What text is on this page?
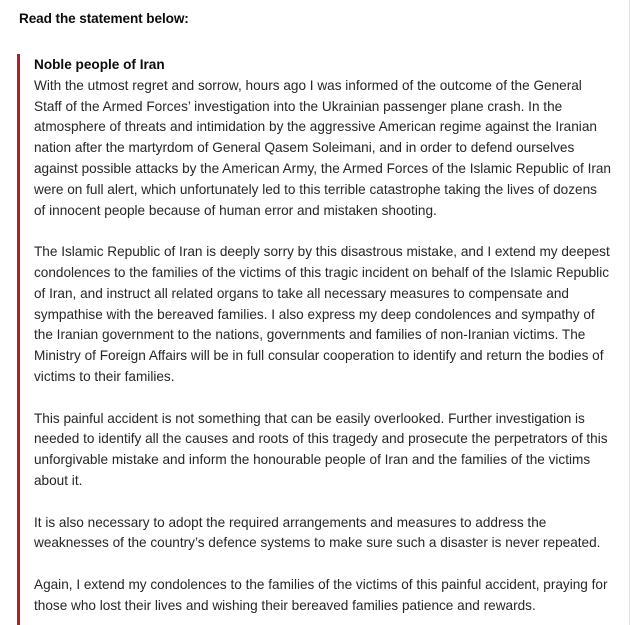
Read the statement below:
Noble people of Iran

With the utmost regret and sorrow, hours ago I was informed of the outcome of the General Staff of the Armed Forces’ investigation into the Ukrainian passenger plane crash. In the atmosphere of threats and intimidation by the aggressive American regime against the Iranian nation after the martyrdom of General Qasem Soleimani, and in order to defend ourselves against possible attacks by the American Army, the Armed Forces of the Islamic Republic of Iran were on full alert, which unfortunately led to this terrible catastrophe taking the lives of dozens of innocent people because of human error and mistaken shooting.

The Islamic Republic of Iran is deeply sorry by this disastrous mistake, and I extend my deepest condolences to the families of the victims of this tragic incident on behalf of the Islamic Republic of Iran, and instruct all related organs to take all necessary measures to compensate and sympathise with the bereaved families. I also express my deep condolences and sympathy of the Iranian government to the nations, governments and families of non-Iranian victims. The Ministry of Foreign Affairs will be in full consular cooperation to identify and return the bodies of victims to their families.

This painful accident is not something that can be easily overlooked. Further investigation is needed to identify all the causes and roots of this tragedy and prosecute the perpetrators of this unforgivable mistake and inform the honourable people of Iran and the families of the victims about it.

It is also necessary to adopt the required arrangements and measures to address the weaknesses of the country’s defence systems to make sure such a disaster is never repeated.

Again, I extend my condolences to the families of the victims of this painful accident, praying for those who lost their lives and wishing their bereaved families patience and rewards.
